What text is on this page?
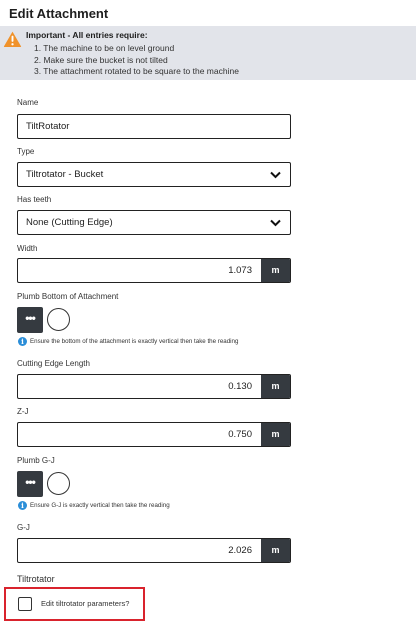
Edit Attachment
Important - All entries require:
1. The machine to be on level ground
2. Make sure the bucket is not tilted
3. The attachment rotated to be square to the machine
Name
TiltRotator
Type
Tiltrotator - Bucket
Has teeth
None (Cutting Edge)
Width
1.073	m
Plumb Bottom of Attachment
•••
i Ensure the bottom of the attachment is exactly vertical then take the reading
Cutting Edge Length
0.130	m
Z-J
0.750	m
Plumb G-J
•••
i Ensure G-J is exactly vertical then take the reading
G-J
2.026	m
Tiltrotator
Edit tiltrotator parameters?
